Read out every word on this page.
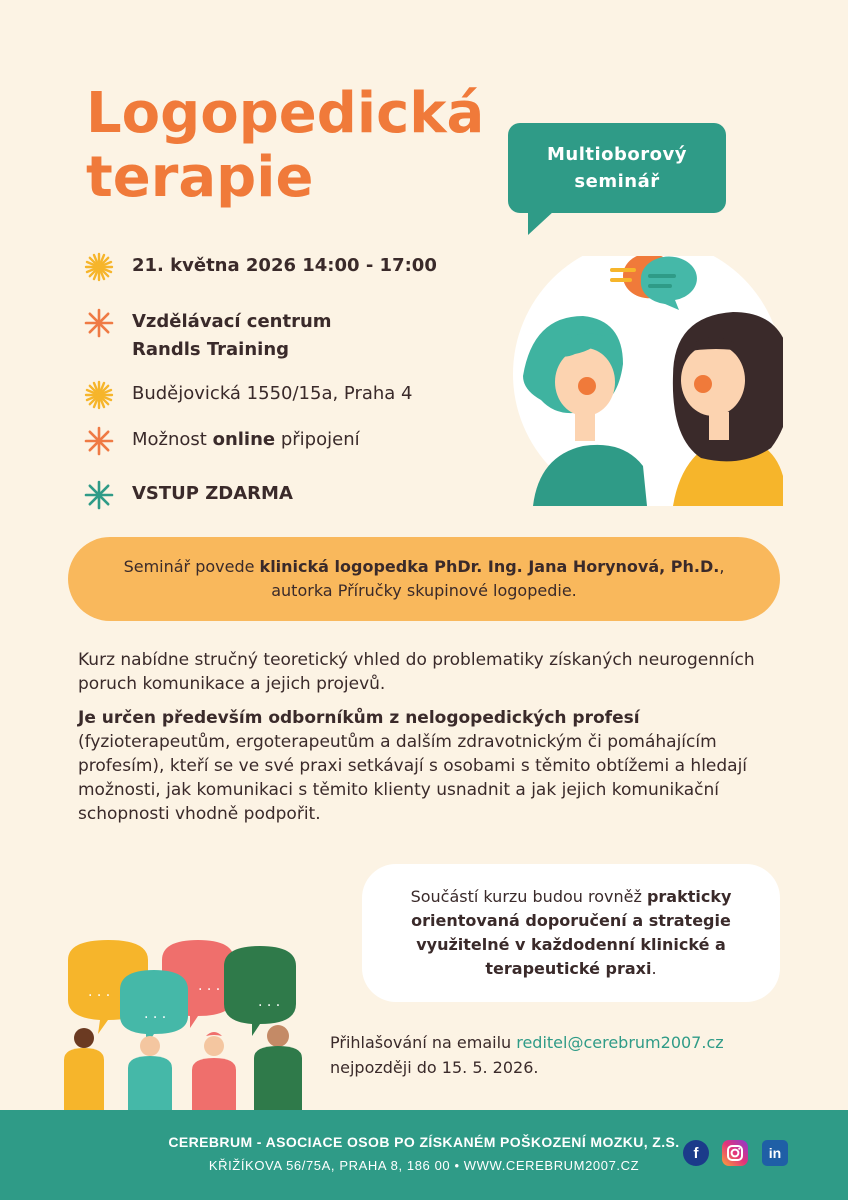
Logopedická
terapie	Multioborový
seminář
21. května 2026 14:00 - 17:00
Vzdělávací centrum
Randls Training
Budějovická 1550/15a, Praha 4
Možnost online připojení
VSTUP ZDARMA
Seminář povede klinická logopedka PhDr. Ing. Jana Horynová, Ph.D.,
autorka Příručky skupinové logopedie.

Kurz nabídne stručný teoretický vhled do problematiky získaných neurogenních poruch komunikace a jejich projevů.

Je určen především odborníkům z nelogopedických profesí (fyzioterapeutům, ergoterapeutům a dalším zdravotnickým či pomáhajícím profesím), kteří se ve své praxi setkávají s osobami s těmito obtížemi a hledají možnosti, jak komunikaci s těmito klienty usnadnit a jak jejich komunikační schopnosti vhodně podpořit.

Součástí kurzu budou rovněž prakticky orientovaná doporučení a strategie využitelné v každodenní klinické a terapeutické praxi.
. . .
. . .
. . .
. . .
Přihlašování na emailu reditel@cerebrum2007.cz
nejpozději do 15. 5. 2026.
CEREBRUM - ASOCIACE OSOB PO ZÍSKANÉM POŠKOZENÍ MOZKU, Z.S.
KŘIŽÍKOVA 56/75A, PRAHA 8, 186 00 • WWW.CEREBRUM2007.CZ
f	in
